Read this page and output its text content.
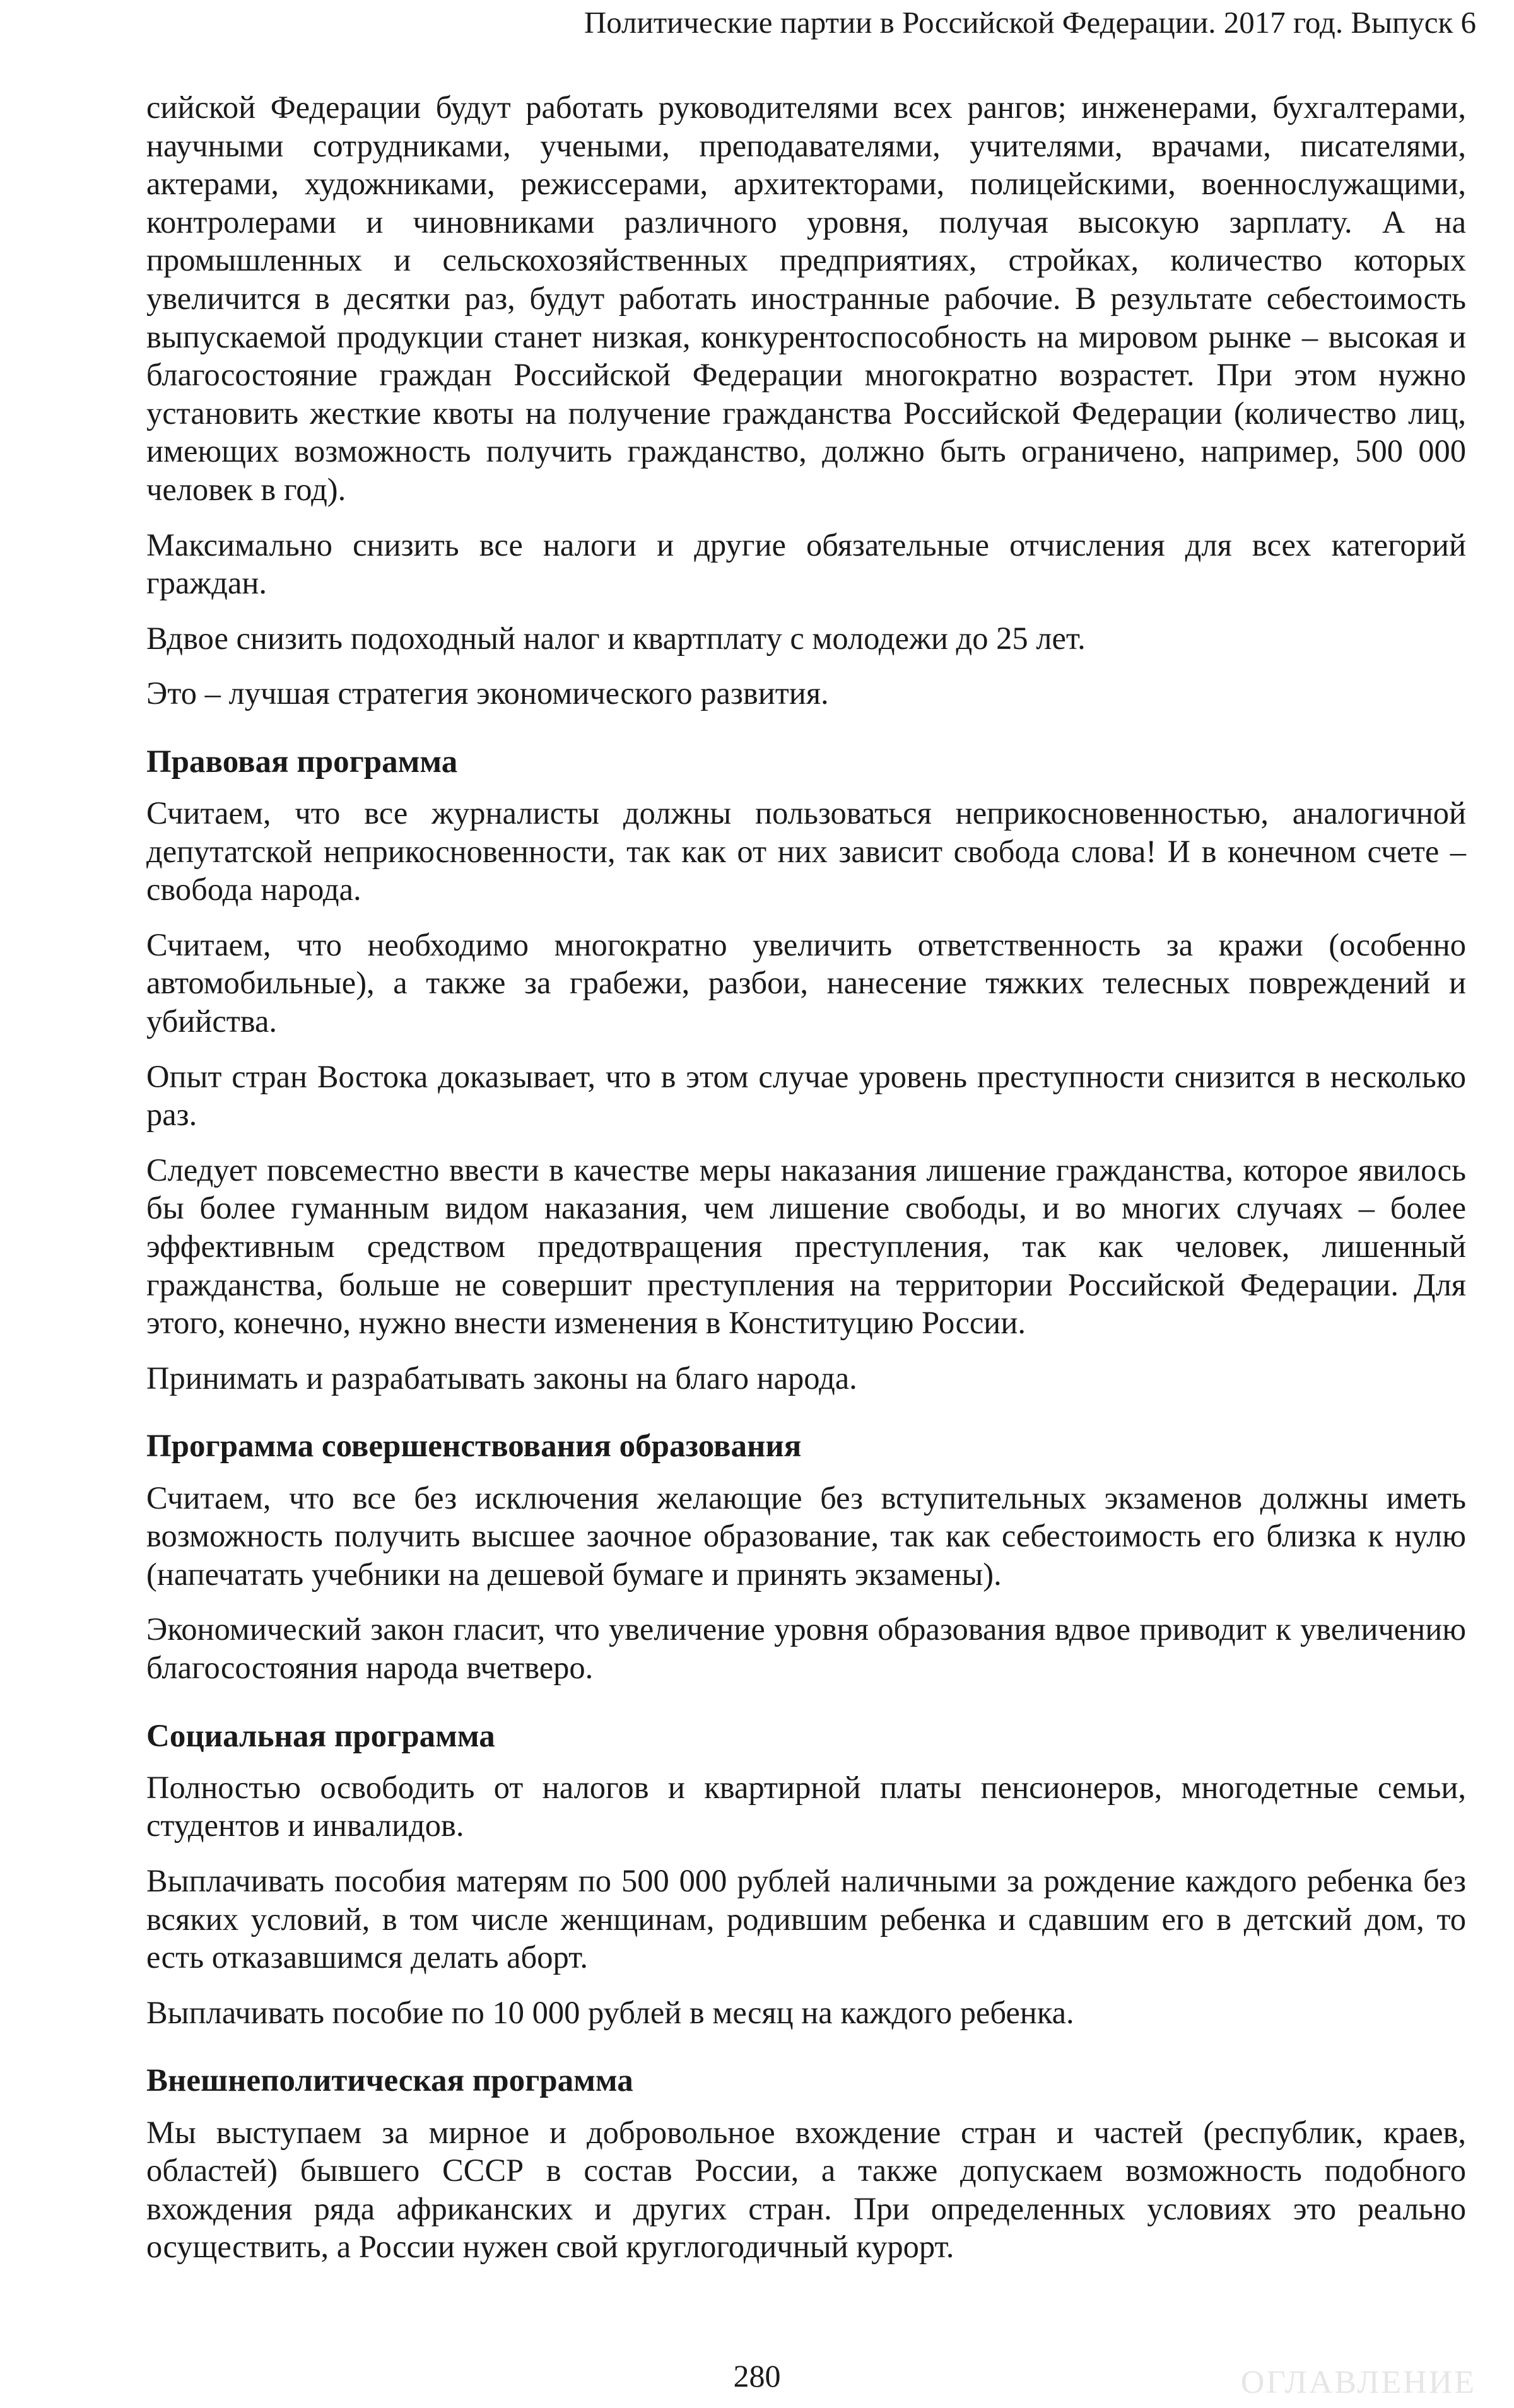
Политические партии в Российской Федерации. 2017 год. Выпуск 6

сийской Федерации будут работать руководителями всех рангов; инженерами, бухгалтерами, научными сотрудниками, учеными, преподавателями, учителями, врачами, писателями, актерами, художниками, режиссерами, архитекторами, полицейскими, военнослужащими, контролерами и чиновниками различного уровня, получая высокую зарплату. А на промышленных и сельскохозяйственных предприятиях, стройках, количество которых увеличится в десятки раз, будут работать иностранные рабочие. В результате себестоимость выпускаемой продукции станет низкая, конкурентоспособность на мировом рынке – высокая и благосостояние граждан Российской Федерации многократно возрастет. При этом нужно установить жесткие квоты на получение гражданства Российской Федерации (количество лиц, имеющих возможность получить гражданство, должно быть ограничено, например, 500 000 человек в год).

Максимально снизить все налоги и другие обязательные отчисления для всех категорий граждан.

Вдвое снизить подоходный налог и квартплату с молодежи до 25 лет.

Это – лучшая стратегия экономического развития.

Правовая программа

Считаем, что все журналисты должны пользоваться неприкосновенностью, аналогичной депутатской неприкосновенности, так как от них зависит свобода слова! И в конечном счете – свобода народа.

Считаем, что необходимо многократно увеличить ответственность за кражи (особенно автомобильные), а также за грабежи, разбои, нанесение тяжких телесных повреждений и убийства.

Опыт стран Востока доказывает, что в этом случае уровень преступности снизится в несколько раз.

Следует повсеместно ввести в качестве меры наказания лишение гражданства, которое явилось бы более гуманным видом наказания, чем лишение свободы, и во многих случаях – более эффективным средством предотвращения преступления, так как человек, лишенный гражданства, больше не совершит преступления на территории Российской Федерации. Для этого, конечно, нужно внести изменения в Конституцию России.

Принимать и разрабатывать законы на благо народа.

Программа совершенствования образования

Считаем, что все без исключения желающие без вступительных экзаменов должны иметь возможность получить высшее заочное образование, так как себестоимость его близка к нулю (напечатать учебники на дешевой бумаге и принять экзамены).

Экономический закон гласит, что увеличение уровня образования вдвое приводит к увеличению благосостояния народа вчетверо.

Социальная программа

Полностью освободить от налогов и квартирной платы пенсионеров, многодетные семьи, студентов и инвалидов.

Выплачивать пособия матерям по 500 000 рублей наличными за рождение каждого ребенка без всяких условий, в том числе женщинам, родившим ребенка и сдавшим его в детский дом, то есть отказавшимся делать аборт.

Выплачивать пособие по 10 000 рублей в месяц на каждого ребенка.

Внешнеполитическая программа

Мы выступаем за мирное и добровольное вхождение стран и частей (республик, краев, областей) бывшего СССР в состав России, а также допускаем возможность подобного вхождения ряда африканских и других стран. При определенных условиях это реально осуществить, а России нужен свой круглогодичный курорт.

280	ОГЛАВЛЕНИЕ
